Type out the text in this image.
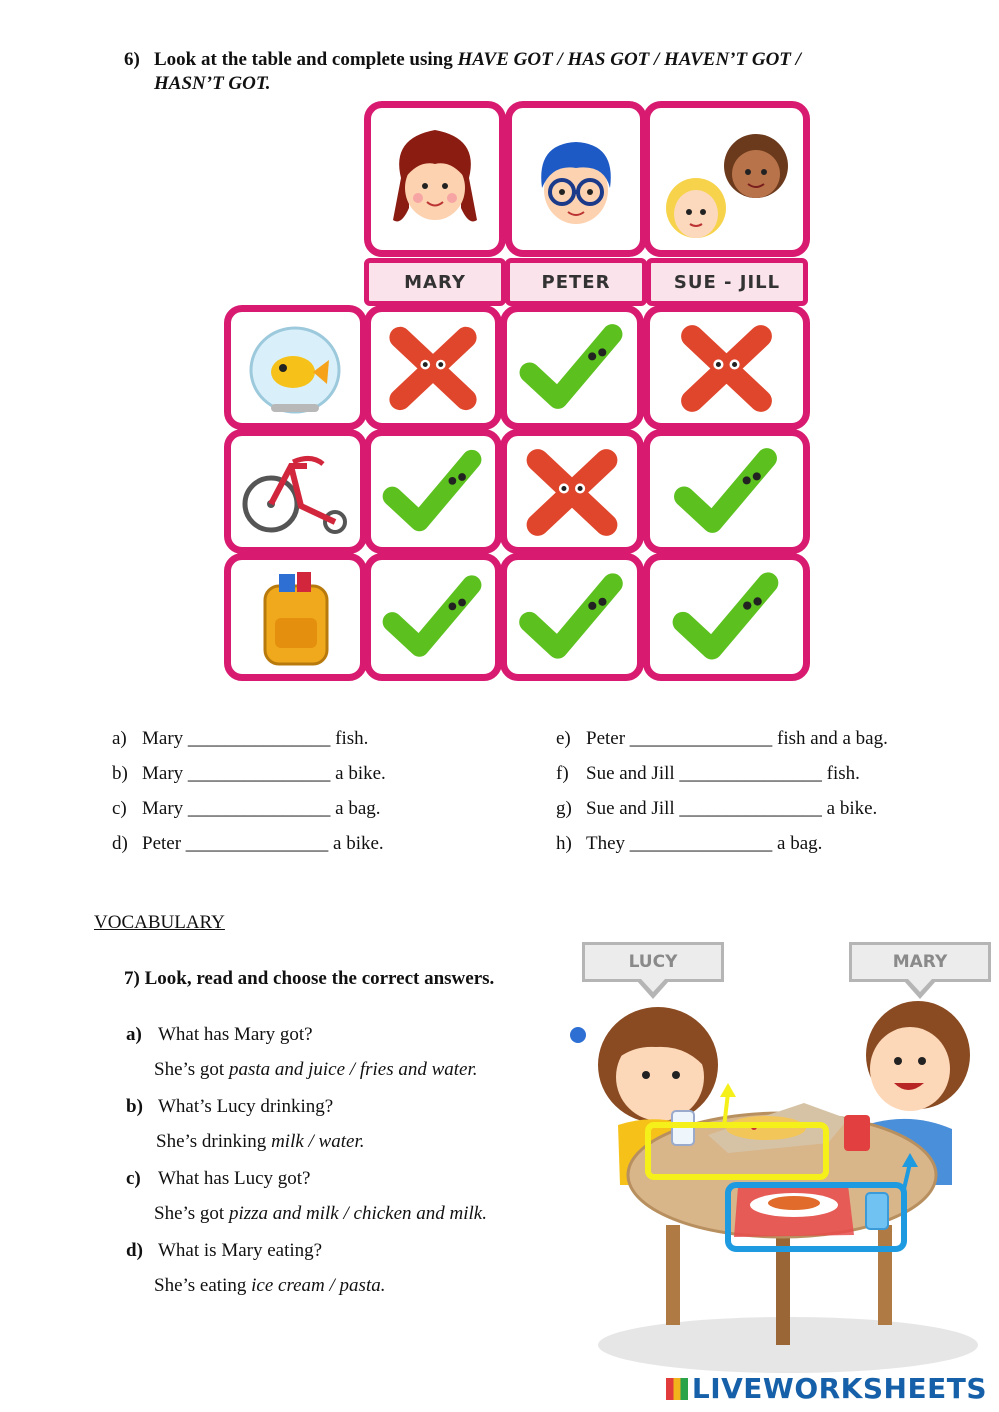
6) Look at the table and complete using HAVE GOT / HAS GOT / HAVEN’T GOT /
HASN’T GOT.
MARY	PETER	SUE - JILL
a) Mary _______________ fish.
b) Mary _______________ a bike.
c) Mary _______________ a bag.
d) Peter _______________ a bike.
e) Peter _______________ fish and a bag.
f) Sue and Jill _______________ fish.
g) Sue and Jill _______________ a bike.
h) They _______________ a bag.
VOCABULARY
7) Look, read and choose the correct answers.
a) What has Mary got?
She’s got pasta and juice / fries and water.
b) What’s Lucy drinking?
She’s drinking milk / water.
c) What has Lucy got?
She’s got pizza and milk / chicken and milk.
d) What is Mary eating?
She’s eating ice cream / pasta.
LUCY	MARY
LIVEWORKSHEETS
